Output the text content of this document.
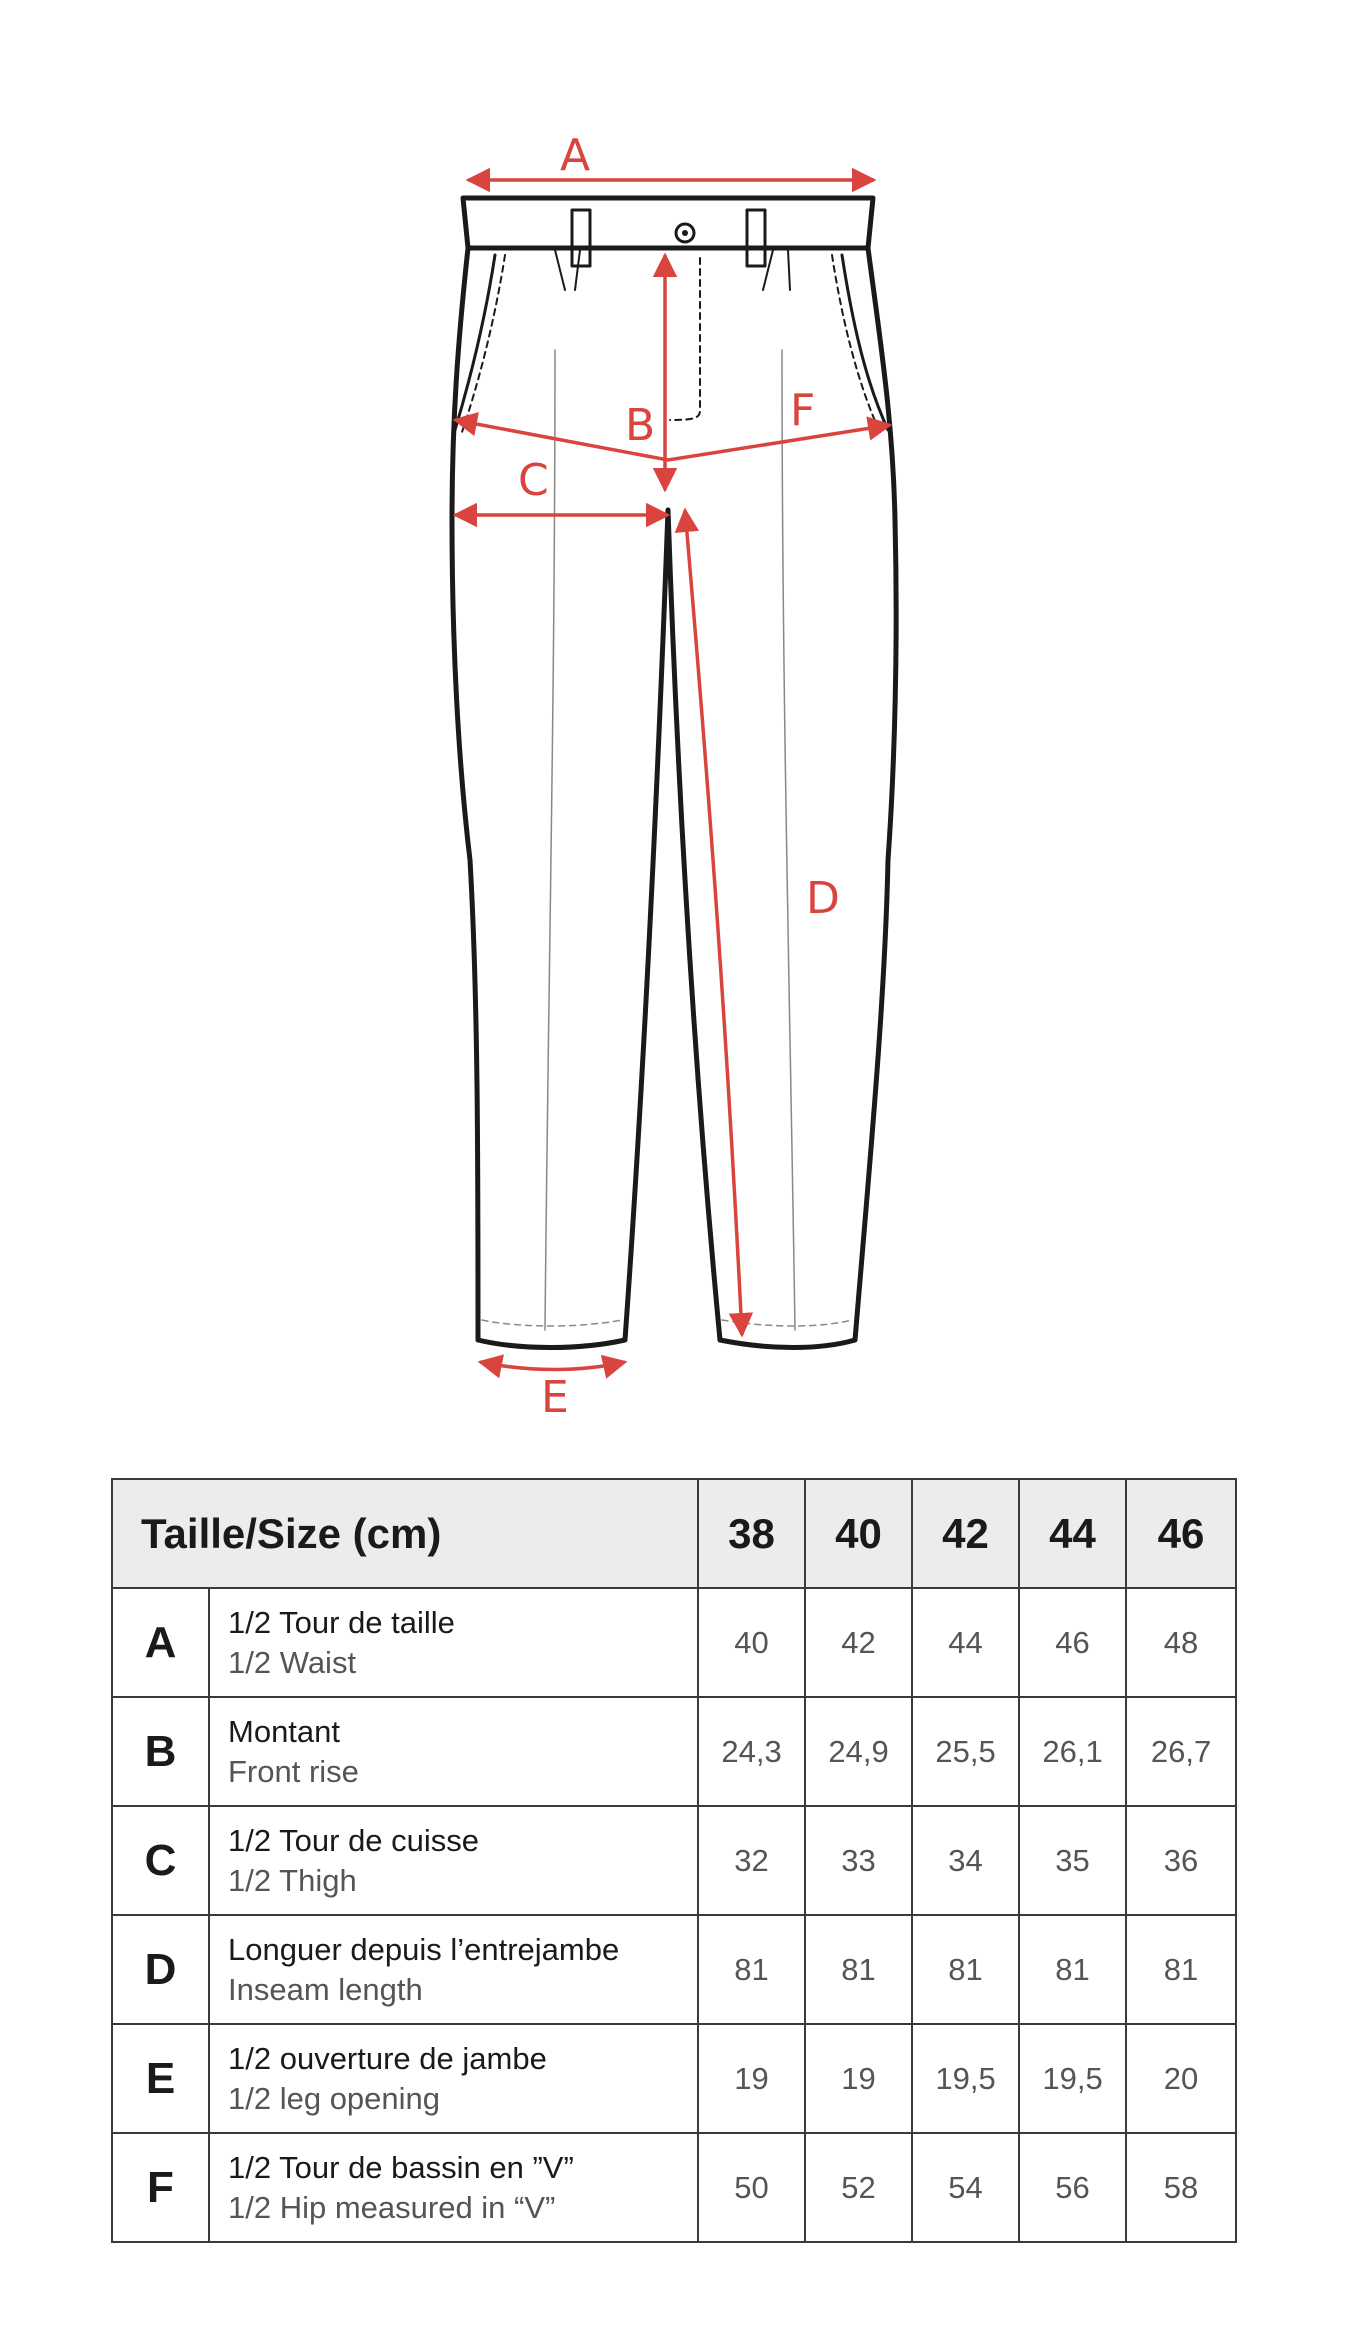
A
B	F
C
D
E
Taille/Size (cm)		38	40	42	44	46
A	1/2 Tour de taille
1/2 Waist	40	42	44	46	48
B	Montant
Front rise	24,3	24,9	25,5	26,1	26,7
C	1/2 Tour de cuisse
1/2 Thigh	32	33	34	35	36
D	Longuer depuis l’entrejambe
Inseam length	81	81	81	81	81
E	1/2 ouverture de jambe
1/2 leg opening	19	19	19,5	19,5	20
F	1/2 Tour de bassin en ”V”
1/2 Hip measured in “V”	50	52	54	56	58
